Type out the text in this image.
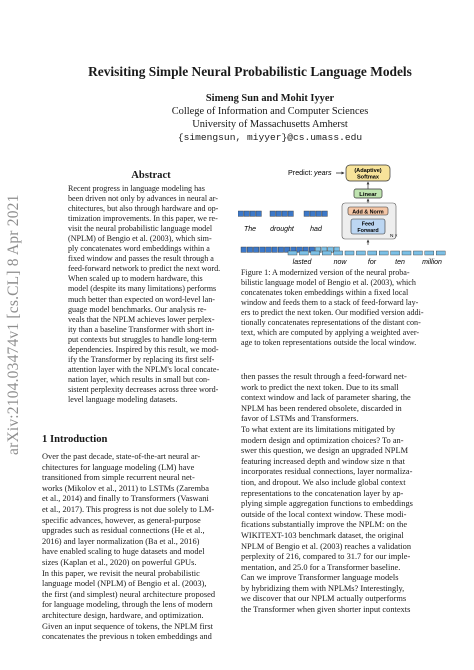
arXiv:2104.03474v1 [cs.CL] 8 Apr 2021
Revisiting Simple Neural Probabilistic Language Models
Simeng Sun and Mohit Iyyer
College of Information and Computer Sciences
University of Massachusetts Amherst
{simengsun, miyyer}@cs.umass.edu
Abstract
Recent progress in language modeling has
been driven not only by advances in neural ar-
chitectures, but also through hardware and op-
timization improvements. In this paper, we re-
visit the neural probabilistic language model
(NPLM) of Bengio et al. (2003), which sim-
ply concatenates word embeddings within a
fixed window and passes the result through a
feed-forward network to predict the next word.
When scaled up to modern hardware, this
model (despite its many limitations) performs
much better than expected on word-level lan-
guage model benchmarks. Our analysis re-
veals that the NPLM achieves lower perplex-
ity than a baseline Transformer with short in-
put contexts but struggles to handle long-term
dependencies. Inspired by this result, we mod-
ify the Transformer by replacing its first self-
attention layer with the NPLM's local concate-
nation layer, which results in small but con-
sistent perplexity decreases across three word-
level language modeling datasets.
1 Introduction
Over the past decade, state-of-the-art neural ar-
chitectures for language modeling (LM) have
transitioned from simple recurrent neural net-
works (Mikolov et al., 2011) to LSTMs (Zaremba
et al., 2014) and finally to Transformers (Vaswani
et al., 2017). This progress is not due solely to LM-
specific advances, however, as general-purpose
upgrades such as residual connections (He et al.,
2016) and layer normalization (Ba et al., 2016)
have enabled scaling to huge datasets and model
sizes (Kaplan et al., 2020) on powerful GPUs.
In this paper, we revisit the neural probabilistic
language model (NPLM) of Bengio et al. (2003),
the first (and simplest) neural architecture proposed
for language modeling, through the lens of modern
architecture design, hardware, and optimization.
Given an input sequence of tokens, the NPLM first
concatenates the previous n token embeddings and
Predict: years	(Adaptive)
Softmax
Linear
Add & Norm
Feed
Forward
N ×
The drought had
lasted	now	for	ten million
Figure 1: A modernized version of the neural proba-
bilistic language model of Bengio et al. (2003), which
concatenates token embeddings within a fixed local
window and feeds them to a stack of feed-forward lay-
ers to predict the next token. Our modified version addi-
tionally concatenates representations of the distant con-
text, which are computed by applying a weighted aver-
age to token representations outside the local window.
then passes the result through a feed-forward net-
work to predict the next token. Due to its small
context window and lack of parameter sharing, the
NPLM has been rendered obsolete, discarded in
favor of LSTMs and Transformers.
To what extent are its limitations mitigated by
modern design and optimization choices? To an-
swer this question, we design an upgraded NPLM
featuring increased depth and window size n that
incorporates residual connections, layer normaliza-
tion, and dropout. We also include global context
representations to the concatenation layer by ap-
plying simple aggregation functions to embeddings
outside of the local context window. These modi-
fications substantially improve the NPLM: on the
WIKITEXT-103 benchmark dataset, the original
NPLM of Bengio et al. (2003) reaches a validation
perplexity of 216, compared to 31.7 for our imple-
mentation, and 25.0 for a Transformer baseline.
Can we improve Transformer language models
by hybridizing them with NPLMs? Interestingly,
we discover that our NPLM actually outperforms
the Transformer when given shorter input contexts
